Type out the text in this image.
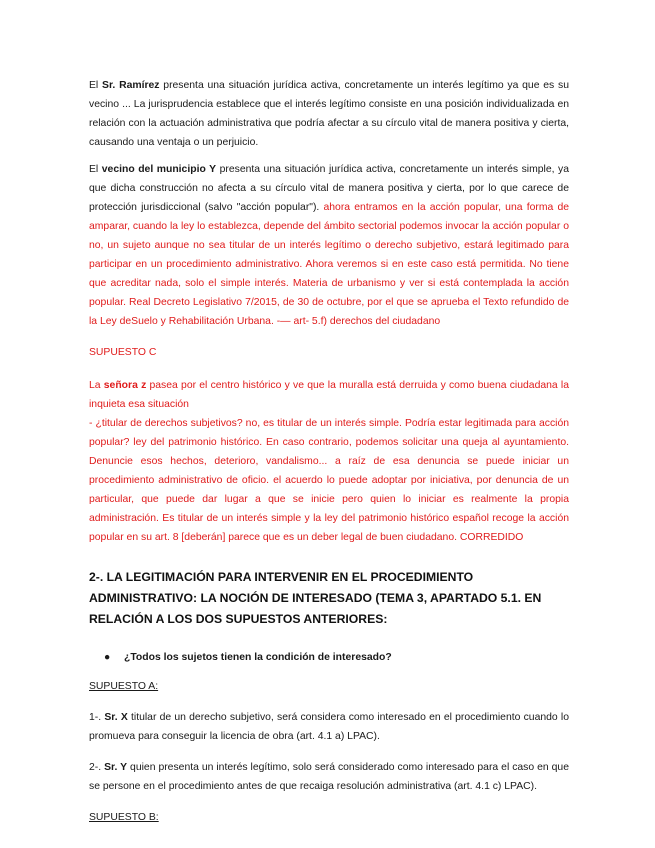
El Sr. Ramírez presenta una situación jurídica activa, concretamente un interés legítimo ya que es su vecino ... La jurisprudencia establece que el interés legítimo consiste en una posición individualizada en relación con la actuación administrativa que podría afectar a su círculo vital de manera positiva y cierta, causando una ventaja o un perjuicio.

El vecino del municipio Y presenta una situación jurídica activa, concretamente un interés simple, ya que dicha construcción no afecta a su círculo vital de manera positiva y cierta, por lo que carece de protección jurisdiccional (salvo "acción popular"). ahora entramos en la acción popular, una forma de amparar, cuando la ley lo establezca, depende del ámbito sectorial podemos invocar la acción popular o no, un sujeto aunque no sea titular de un interés legítimo o derecho subjetivo, estará legitimado para participar en un procedimiento administrativo. Ahora veremos si en este caso está permitida. No tiene que acreditar nada, solo el simple interés. Materia de urbanismo y ver si está contemplada la acción popular. Real Decreto Legislativo 7/2015, de 30 de octubre, por el que se aprueba el Texto refundido de la Ley deSuelo y Rehabilitación Urbana. -— art- 5.f) derechos del ciudadano

SUPUESTO C

La señora z pasea por el centro histórico y ve que la muralla está derruida y como buena ciudadana la inquieta esa situación

- ¿titular de derechos subjetivos? no, es titular de un interés simple. Podría estar legitimada para acción popular? ley del patrimonio histórico. En caso contrario, podemos solicitar una queja al ayuntamiento. Denuncie esos hechos, deterioro, vandalismo... a raíz de esa denuncia se puede iniciar un procedimiento administrativo de oficio. el acuerdo lo puede adoptar por iniciativa, por denuncia de un particular, que puede dar lugar a que se inicie pero quien lo iniciar es realmente la propia administración. Es titular de un interés simple y la ley del patrimonio histórico español recoge la acción popular en su art. 8 [deberán] parece que es un deber legal de buen ciudadano. CORREDIDO

2-. LA LEGITIMACIÓN PARA INTERVENIR EN EL PROCEDIMIENTO ADMINISTRATIVO: LA NOCIÓN DE INTERESADO (TEMA 3, APARTADO 5.1. EN RELACIÓN A LOS DOS SUPUESTOS ANTERIORES:
● ¿Todos los sujetos tienen la condición de interesado?

SUPUESTO A:

1-. Sr. X titular de un derecho subjetivo, será considera como interesado en el procedimiento cuando lo promueva para conseguir la licencia de obra (art. 4.1 a) LPAC).

2-. Sr. Y quien presenta un interés legítimo, solo será considerado como interesado para el caso en que se persone en el procedimiento antes de que recaiga resolución administrativa (art. 4.1 c) LPAC).

SUPUESTO B:
